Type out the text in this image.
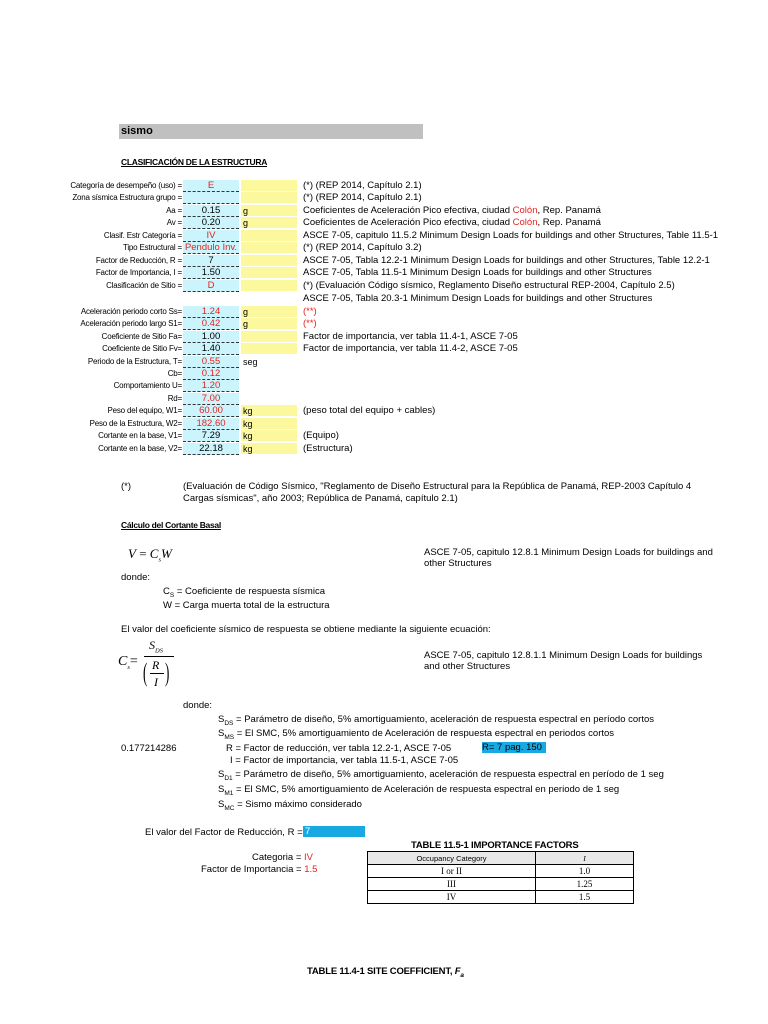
sismo
CLASIFICACIÓN DE LA ESTRUCTURA
Categoría de desempeño (uso) =	E	(*) (REP 2014, Capítulo 2.1)
Zona sísmica Estructura grupo =	(*) (REP 2014, Capítulo 2.1)
Aa =	0.15	g	Coeficientes de Aceleración Pico efectiva, ciudad Colón, Rep. Panamá
Av =	0.20	g	Coeficientes de Aceleración Pico efectiva, ciudad Colón, Rep. Panamá
Clasif. Estr Categoría =	IV	ASCE 7-05, capitulo 11.5.2 Minimum Design Loads for buildings and other Structures, Table 11.5-1
Tipo Estructural = Pendulo Inv.	(*) (REP 2014, Capítulo 3.2)
Factor de Reducción, R =	7	ASCE 7-05, Tabla 12.2-1 Minimum Design Loads for buildings and other Structures, Table 12.2-1
Factor de Importancia, I =	1.50	ASCE 7-05, Tabla 11.5-1 Minimum Design Loads for buildings and other Structures
Clasificación de Sitio =	D	(*) (Evaluación Código sísmico, Reglamento Diseño estructural REP-2004, Capítulo 2.5)
ASCE 7-05, Tabla 20.3-1 Minimum Design Loads for buildings and other Structures
Aceleración periodo corto Ss=	1.24	g	(**)
Aceleración periodo largo S1=	0.42	g	(**)
Coeficiente de Sitio Fa=	1.00	Factor de importancia, ver tabla 11.4-1, ASCE 7-05
Coeficiente de Sitio Fv=	1.40	Factor de importancia, ver tabla 11.4-2, ASCE 7-05
Periodo de la Estructura, T=	0.55	seg
Cb=	0.12
Comportamiento U=	1.20
Rd=	7.00
Peso del equipo, W1=	60.00	kg	(peso total del equipo + cables)
Peso de la Estructura, W2=	182.60	kg
Cortante en la base, V1=	7.29	kg	(Equipo)
Cortante en la base, V2=	22.18	kg	(Estructura)
(*)	(Evaluación de Código Sísmico, "Reglamento de Diseño Estructural para la República de Panamá, REP-2003 Capítulo 4
Cargas sísmicas", año 2003; República de Panamá, capítulo 2.1)
Cálculo del Cortante Basal
$V = C_sW$	ASCE 7-05, capitulo 12.8.1 Minimum Design Loads for buildings and
other Structures
donde:
$C_S$ = Coeficiente de respuesta sísmica
W = Carga muerta total de la estructura
El valor del coeficiente sísmico de respuesta se obtiene mediante la siguiente ecuación:
$C_s=$
$S_{DS}$
( R
I )
ASCE 7-05, capitulo 12.8.1.1 Minimum Design Loads for buildings
and other Structures
donde:
$S_{DS}$ = Parámetro de diseño, 5% amortiguamiento, aceleración de respuesta espectral en período cortos
$S_{MS} = El$ SMC, 5% amortiguamiento de Aceleración de respuesta espectral en periodos cortos
0.177214286	R = Factor de reducción, ver tabla 12.2-1, ASCE 7-05	R= 7 pag. 150
I = Factor de importancia, ver tabla 11.5-1, ASCE 7-05
$S_{D1}$ = Parámetro de diseño, 5% amortiguamiento, aceleración de respuesta espectral en período de 1 seg
$S_{M1} = El$ SMC, 5% amortiguamiento de Aceleración de respuesta espectral en periodo de 1 seg
$S_{MC}$ = Sismo máximo considerado
El valor del Factor de Reducción, R = 7
Categoria = IV
Factor de Importancia = 1.5
TABLE 11.5-1 IMPORTANCE FACTORS
Occupancy Category	I
I or II	1.0
III	1.25
IV	1.5
TABLE 11.4-1 SITE COEFFICIENT, $F_a$
